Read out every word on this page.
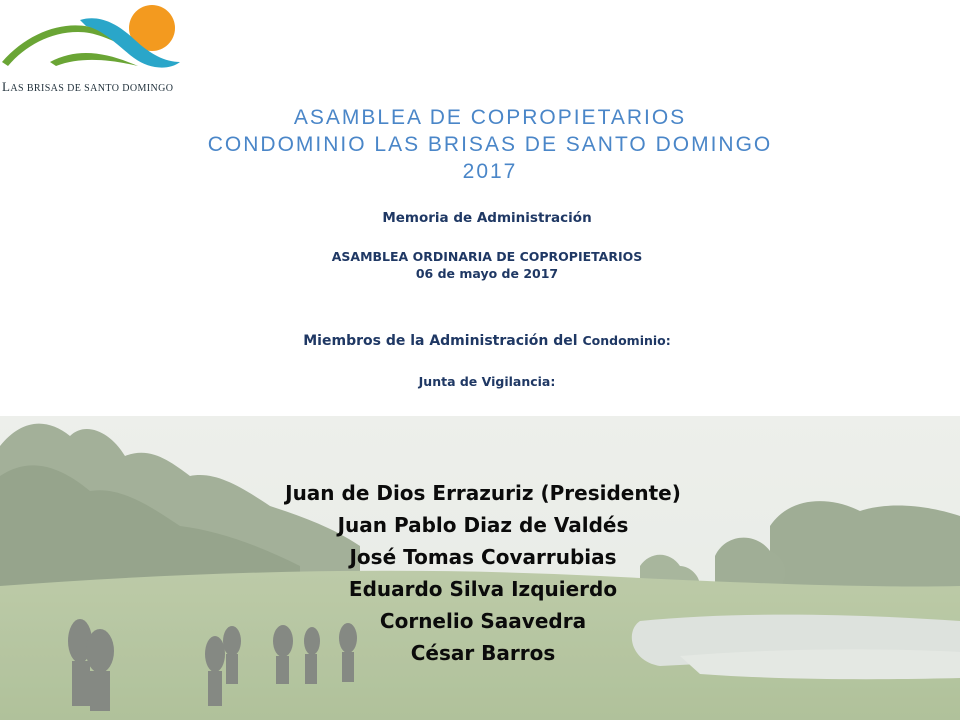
LAS BRISAS DE SANTO DOMINGO
ASAMBLEA DE COPROPIETARIOS
CONDOMINIO LAS BRISAS DE SANTO DOMINGO
2017
Memoria de Administración
ASAMBLEA ORDINARIA DE COPROPIETARIOS
06 de mayo de 2017
Miembros de la Administración del Condominio:
Junta de Vigilancia:
Juan de Dios Errazuriz (Presidente)
Juan Pablo Diaz de Valdés
José Tomas Covarrubias
Eduardo Silva Izquierdo
Cornelio Saavedra
César Barros
